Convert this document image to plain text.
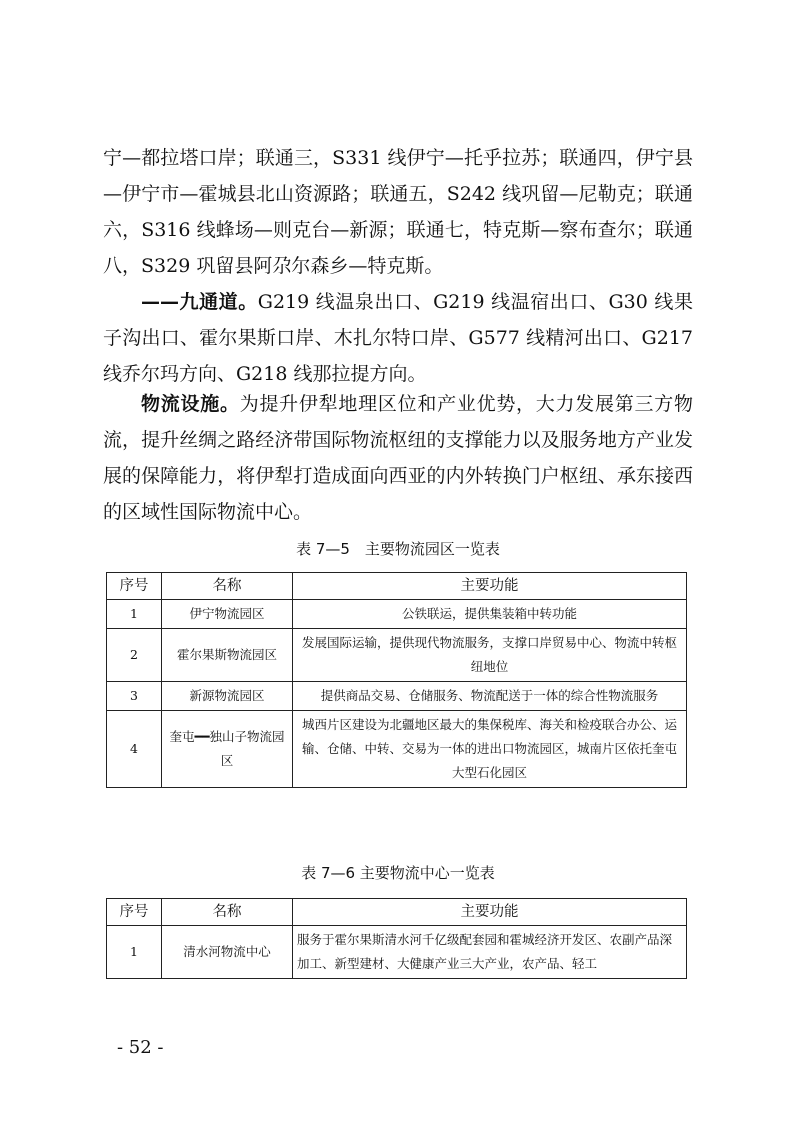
宁—都拉塔口岸；联通三，S331 线伊宁—托乎拉苏；联通四，伊宁县—伊宁市—霍城县北山资源路；联通五，S242 线巩留—尼勒克；联通六，S316 线蜂场—则克台—新源；联通七，特克斯—察布查尔；联通八，S329 巩留县阿尕尔森乡—特克斯。

——九通道。G219 线温泉出口、G219 线温宿出口、G30 线果子沟出口、霍尔果斯口岸、木扎尔特口岸、G577 线精河出口、G217 线乔尔玛方向、G218 线那拉提方向。

物流设施。为提升伊犁地理区位和产业优势，大力发展第三方物流，提升丝绸之路经济带国际物流枢纽的支撑能力以及服务地方产业发展的保障能力，将伊犁打造成面向西亚的内外转换门户枢纽、承东接西的区域性国际物流中心。

表 7—5　主要物流园区一览表

序号	名称	主要功能
1	伊宁物流园区	公铁联运，提供集装箱中转功能
2	霍尔果斯物流园区	发展国际运输，提供现代物流服务，支撑口岸贸易中心、物流中转枢纽地位
3	新源物流园区	提供商品交易、仓储服务、物流配送于一体的综合性物流服务
4	奎屯━━独山子物流园区	城西片区建设为北疆地区最大的集保税库、海关和检疫联合办公、运输、仓储、中转、交易为一体的进出口物流园区，城南片区依托奎屯大型石化园区

表 7—6 主要物流中心一览表

序号	名称	主要功能
1	清水河物流中心	服务于霍尔果斯清水河千亿级配套园和霍城经济开发区、农副产品深加工、新型建材、大健康产业三大产业，农产品、轻工

- 52 -
